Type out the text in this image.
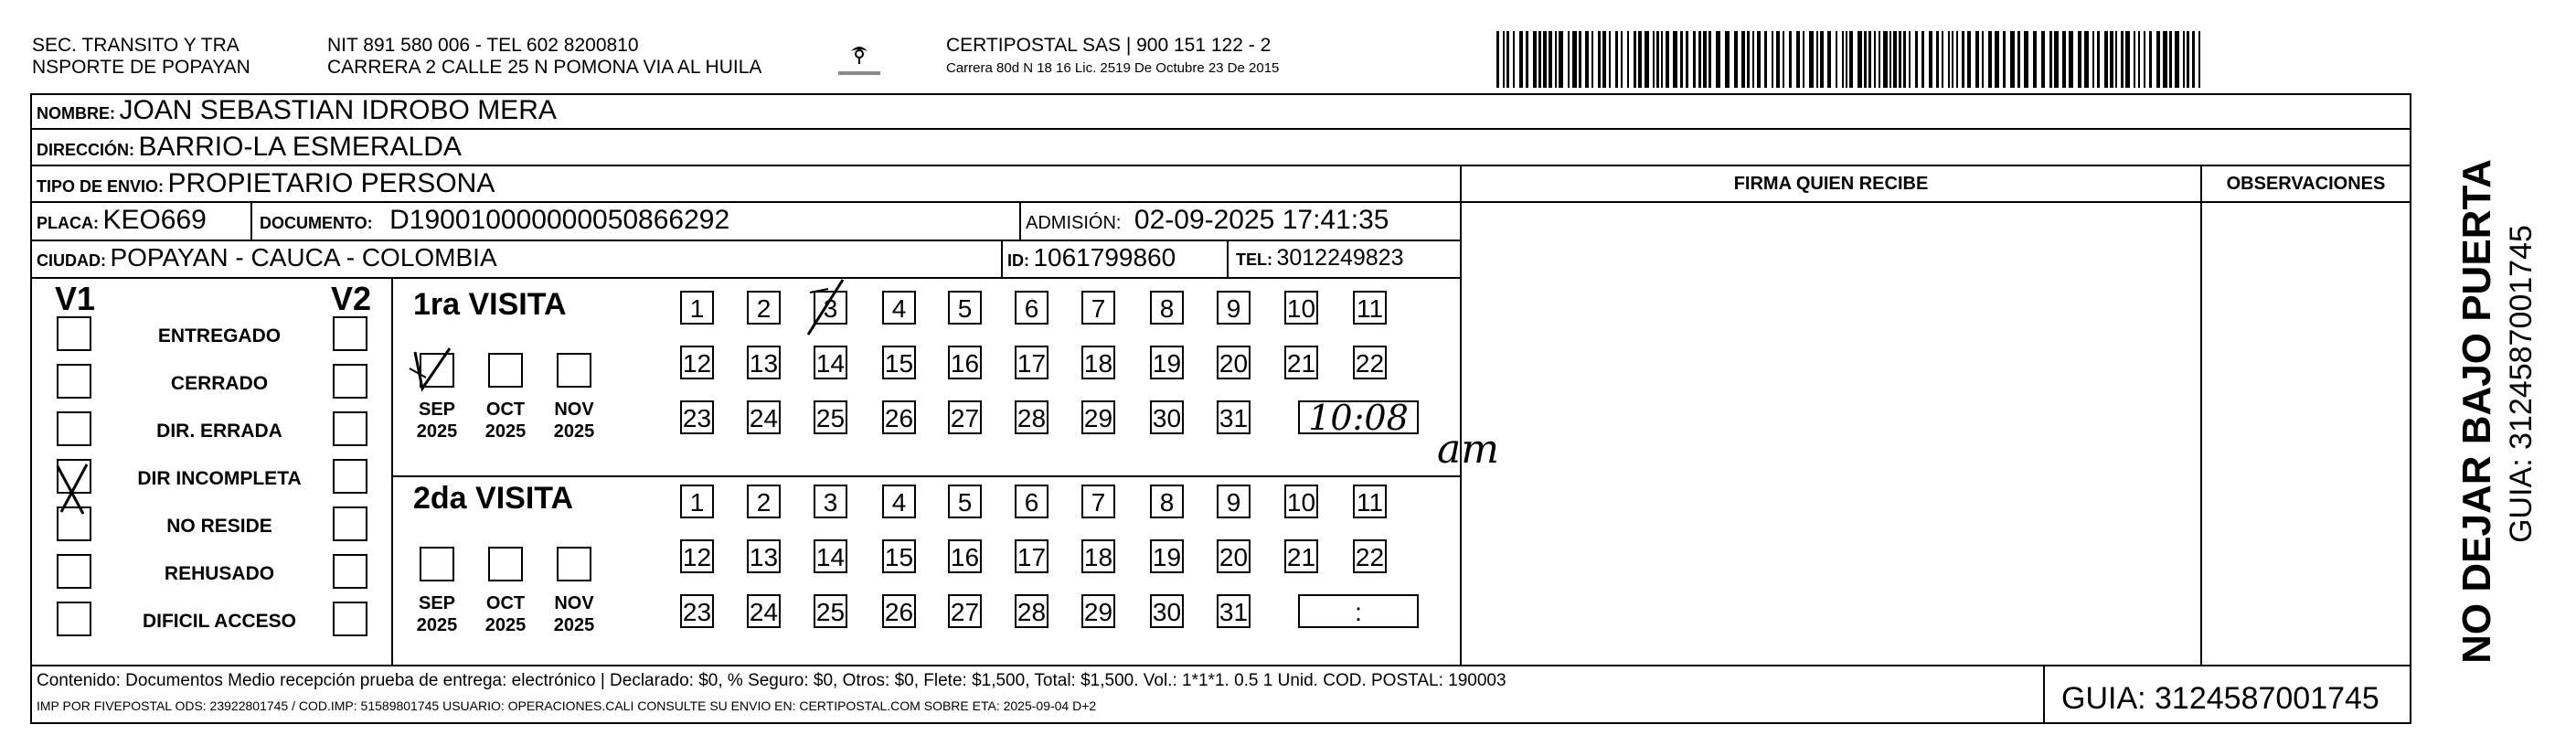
SEC. TRANSITO Y TRA
NSPORTE DE POPAYAN
NIT 891 580 006 - TEL 602 8200810
CARRERA 2 CALLE 25 N POMONA VIA AL HUILA
CERTIPOSTAL SAS | 900 151 122 - 2
Carrera 80d N 18 16 Lic. 2519 De Octubre 23 De 2015
NOMBRE: JOAN SEBASTIAN IDROBO MERA
DIRECCIÓN: BARRIO-LA ESMERALDA
TIPO DE ENVIO: PROPIETARIO PERSONA
PLACA: KEO669	DOCUMENTO: D190010000000050866292	ADMISIÓN: 02-09-2025 17:41:35
CIUDAD: POPAYAN - CAUCA - COLOMBIA	ID: 1061799860	TEL: 3012249823
FIRMA QUIEN RECIBE	OBSERVACIONES
V1	V2
ENTREGADO
CERRADO
DIR. ERRADA
DIR INCOMPLETA
NO RESIDE
REHUSADO
DIFICIL ACCESO
1ra VISITA
2da VISITA
SEP
2025
OCT
2025
NOV
2025
1	2	3	4	5	6	7	8	9	10 11
12 13 14 15 16 17 18 19 20 21 22
23 24 25 26 27 28 29 30 31 10:08
SEP
2025
OCT
2025
NOV
2025
1	2	3	4	5	6	7	8	9	10 11
12 13 14 15 16 17 18 19 20 21 22
23 24 25 26 27 28 29 30 31	:
am	NO DEJAR BAJO PUERTA GUIA: 3124587001745
Contenido: Documentos Medio recepción prueba de entrega: electrónico | Declarado: $0, % Seguro: $0, Otros: $0, Flete: $1,500, Total: $1,500. Vol.: 1*1*1. 0.5 1 Unid. COD. POSTAL: 190003
IMP POR FIVEPOSTAL ODS: 23922801745 / COD.IMP: 51589801745 USUARIO: OPERACIONES.CALI CONSULTE SU ENVIO EN: CERTIPOSTAL.COM SOBRE ETA: 2025-09-04 D+2	GUIA: 3124587001745
